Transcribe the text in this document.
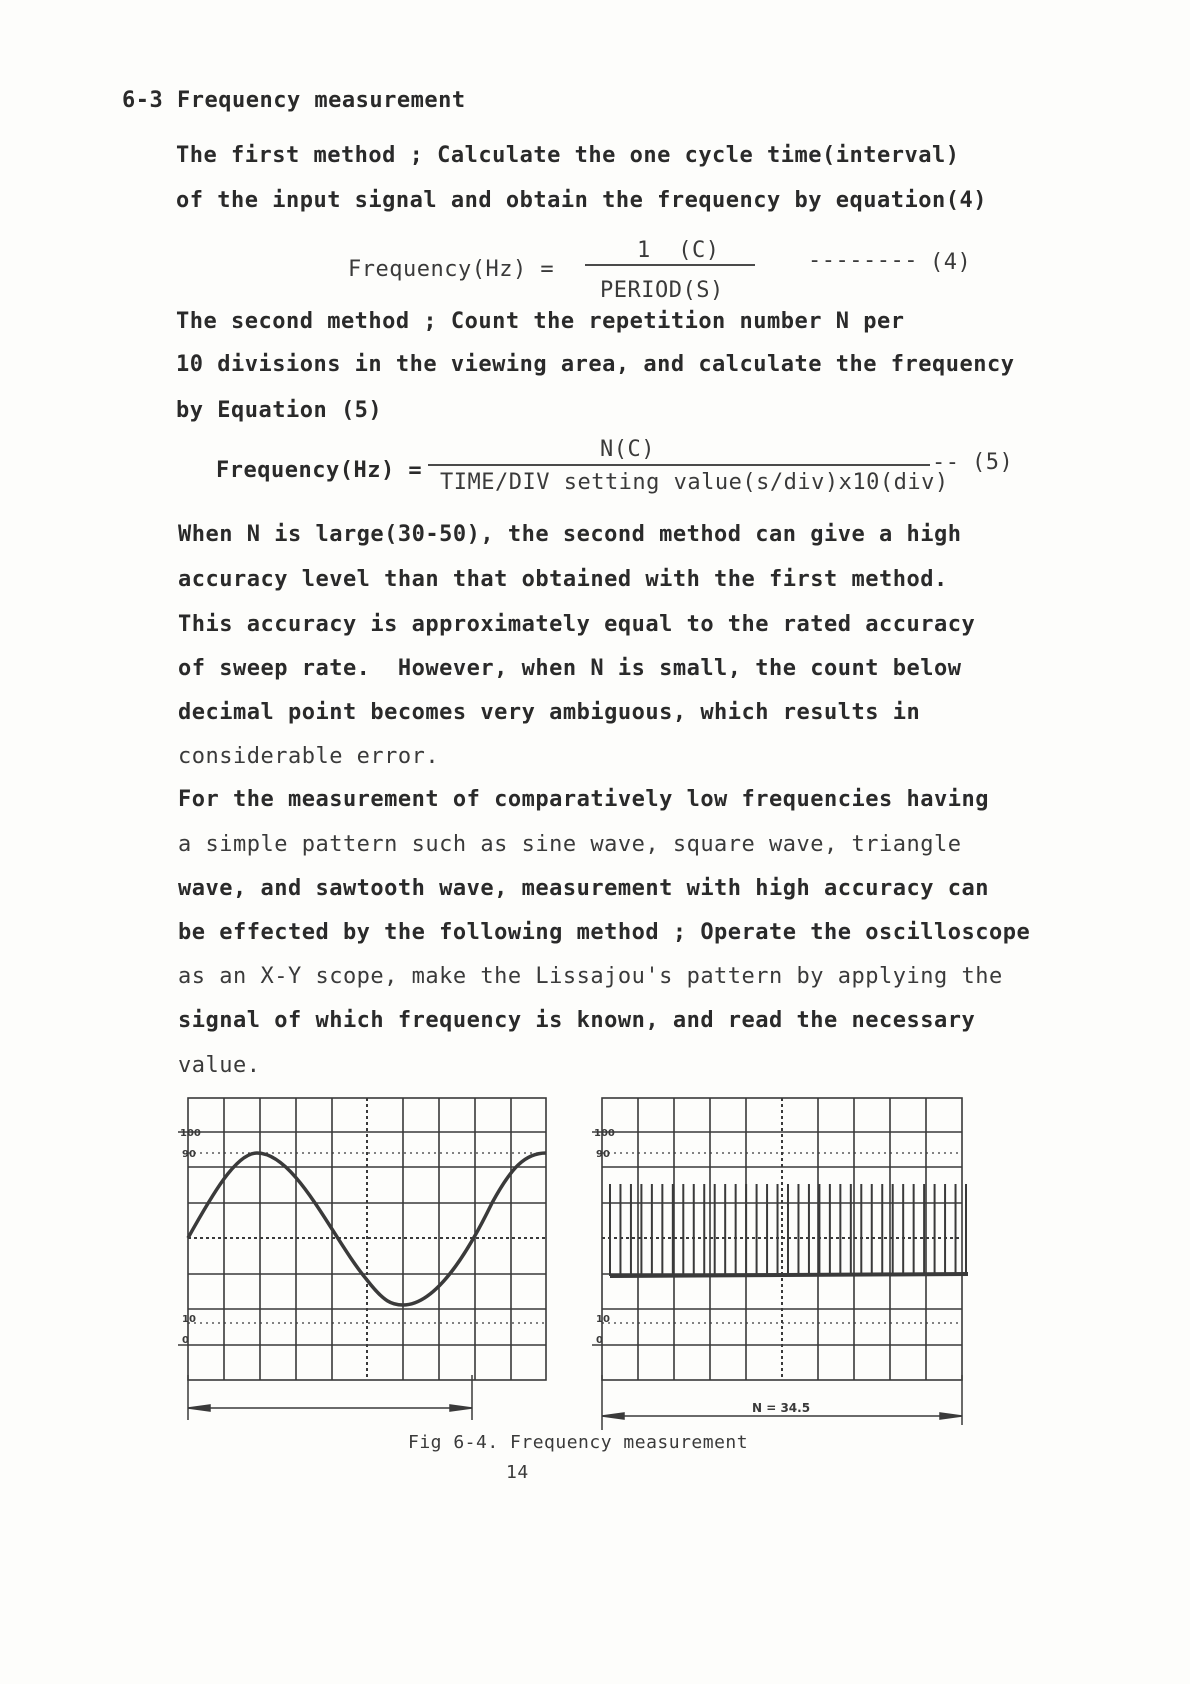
6-3 Frequency measurement
The first method ; Calculate the one cycle time(interval)
of the input signal and obtain the frequency by equation(4)
Frequency(Hz) =
1  (C)
PERIOD(S)
-------- (4)
The second method ; Count the repetition number N per
10 divisions in the viewing area, and calculate the frequency
by Equation (5)
Frequency(Hz) =
N(C)
--
TIME/DIV setting value(s/div)x10(div)
(5)
When N is large(30-50), the second method can give a high
accuracy level than that obtained with the first method.
This accuracy is approximately equal to the rated accuracy
of sweep rate.  However, when N is small, the count below
decimal point becomes very ambiguous, which results in
considerable error.
For the measurement of comparatively low frequencies having
a simple pattern such as sine wave, square wave, triangle
wave, and sawtooth wave, measurement with high accuracy can
be effected by the following method ; Operate the oscilloscope
as an X-Y scope, make the Lissajou's pattern by applying the
signal of which frequency is known, and read the necessary
value.
100
90
10
0
100
90
10
0
N = 34.5
Fig 6-4. Frequency measurement
14
